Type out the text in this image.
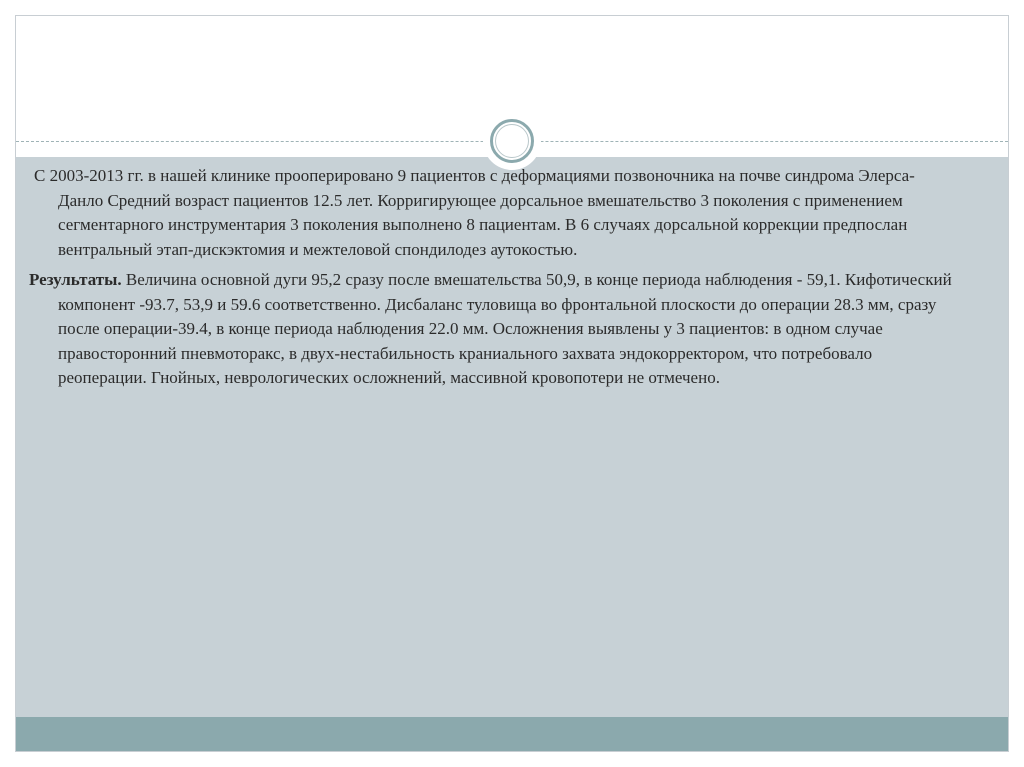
С 2003-2013 гг. в нашей клинике прооперировано 9 пациентов с деформациями позвоночника на почве синдрома Элерса-Данло Средний возраст пациентов 12.5 лет. Корригирующее дорсальное вмешательство 3 поколения с применением сегментарного инструментария 3 поколения выполнено 8 пациентам. В 6 случаях дорсальной коррекции предпослан вентральный этап-дискэктомия и межтеловой спондилодез аутокостью.

Результаты. Величина основной дуги 95,2 сразу после вмешательства 50,9, в конце периода наблюдения - 59,1. Кифотический компонент -93.7, 53,9 и 59.6 соответственно. Дисбаланс туловища во фронтальной плоскости до операции 28.3 мм, сразу после операции-39.4, в конце периода наблюдения 22.0 мм. Осложнения выявлены у 3 пациентов: в одном случае правосторонний пневмоторакс, в двух-нестабильность краниального захвата эндокорректором, что потребовало реоперации. Гнойных, неврологических осложнений, массивной кровопотери не отмечено.
